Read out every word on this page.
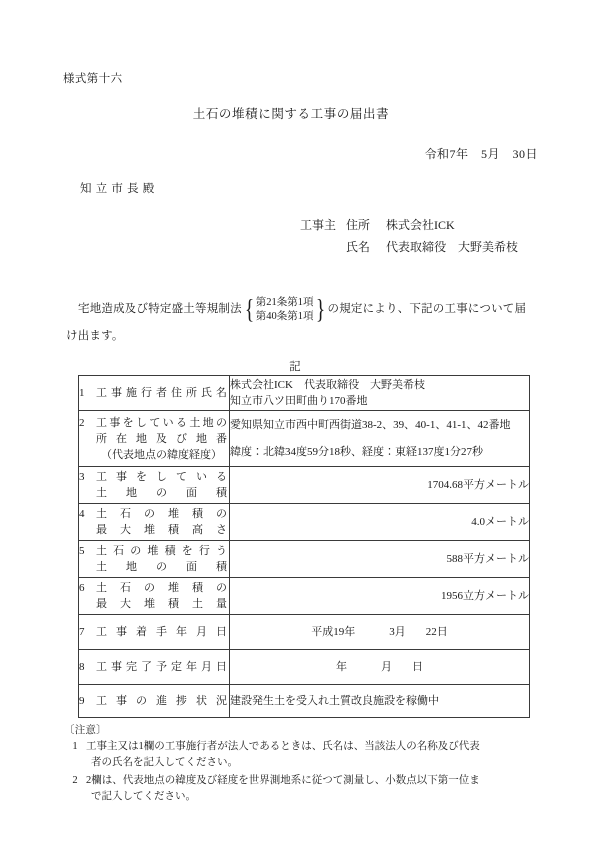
様式第十六
土石の堆積に関する工事の届出書
令和7年　5月　30日
知立市長殿
工事主 住所 株式会社ICK
氏名 代表取締役　大野美希枝
宅地造成及び特定盛土等規制法 { 第21条第1項
第40条第1項 } の規定により、下記の工事について届
け出ます。
記
1	工事施行者住所氏名

株式会社ICK　代表取締役　大野美希枝
知立市八ツ田町曲り170番地

2	工事をしている土地の
所在地及び地番
（代表地点の緯度経度）

愛知県知立市西中町西街道38-2、39、40-1、41-1、42番地
緯度：北緯34度59分18秒、経度：東経137度1分27秒

3 工事をしている
土地の面積	1704.68平方メートル

4 土石の堆積の
最大堆積高さ	4.0メートル

5 土石の堆積を行う
土地の面積	588平方メートル

6 土石の堆積の
最大堆積土量	1956立方メートル

7 工事着手年月日	平成19年 3月 22日

8 工事完了予定年月日	年 月 日

9 工事の進捗状況	建設発生土を受入れ土質改良施設を稼働中
〔注意〕
1 工事主又は1欄の工事施行者が法人であるときは、氏名は、当該法人の名称及び代表
者の氏名を記入してください。
2 2欄は、代表地点の緯度及び経度を世界測地系に従つて測量し、小数点以下第一位ま
で記入してください。
